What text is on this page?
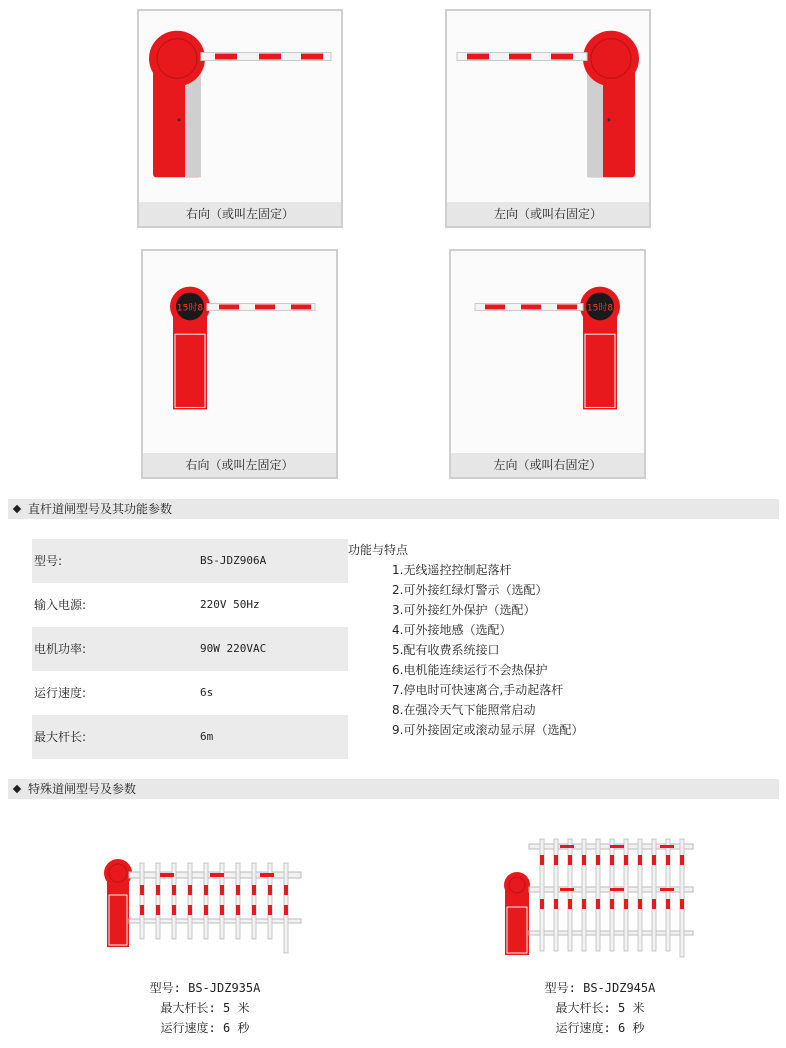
右向（或叫左固定）	左向（或叫右固定）
15时8
右向（或叫左固定）
15时8
左向（或叫右固定）
直杆道闸型号及其功能参数
型号:	BS-JDZ906A
输入电源:	220V 50Hz
电机功率:	90W 220VAC
运行速度:	6s
最大杆长:	6m
功能与特点
1.无线遥控控制起落杆
2.可外接红绿灯警示（选配）
3.可外接红外保护（选配）
4.可外接地感（选配）
5.配有收费系统接口
6.电机能连续运行不会热保护
7.停电时可快速离合,手动起落杆
8.在强冷天气下能照常启动
9.可外接固定或滚动显示屏（选配）
特殊道闸型号及参数
型号: BS-JDZ935A
最大杆长: 5 米
运行速度: 6 秒
型号: BS-JDZ945A
最大杆长: 5 米
运行速度: 6 秒
